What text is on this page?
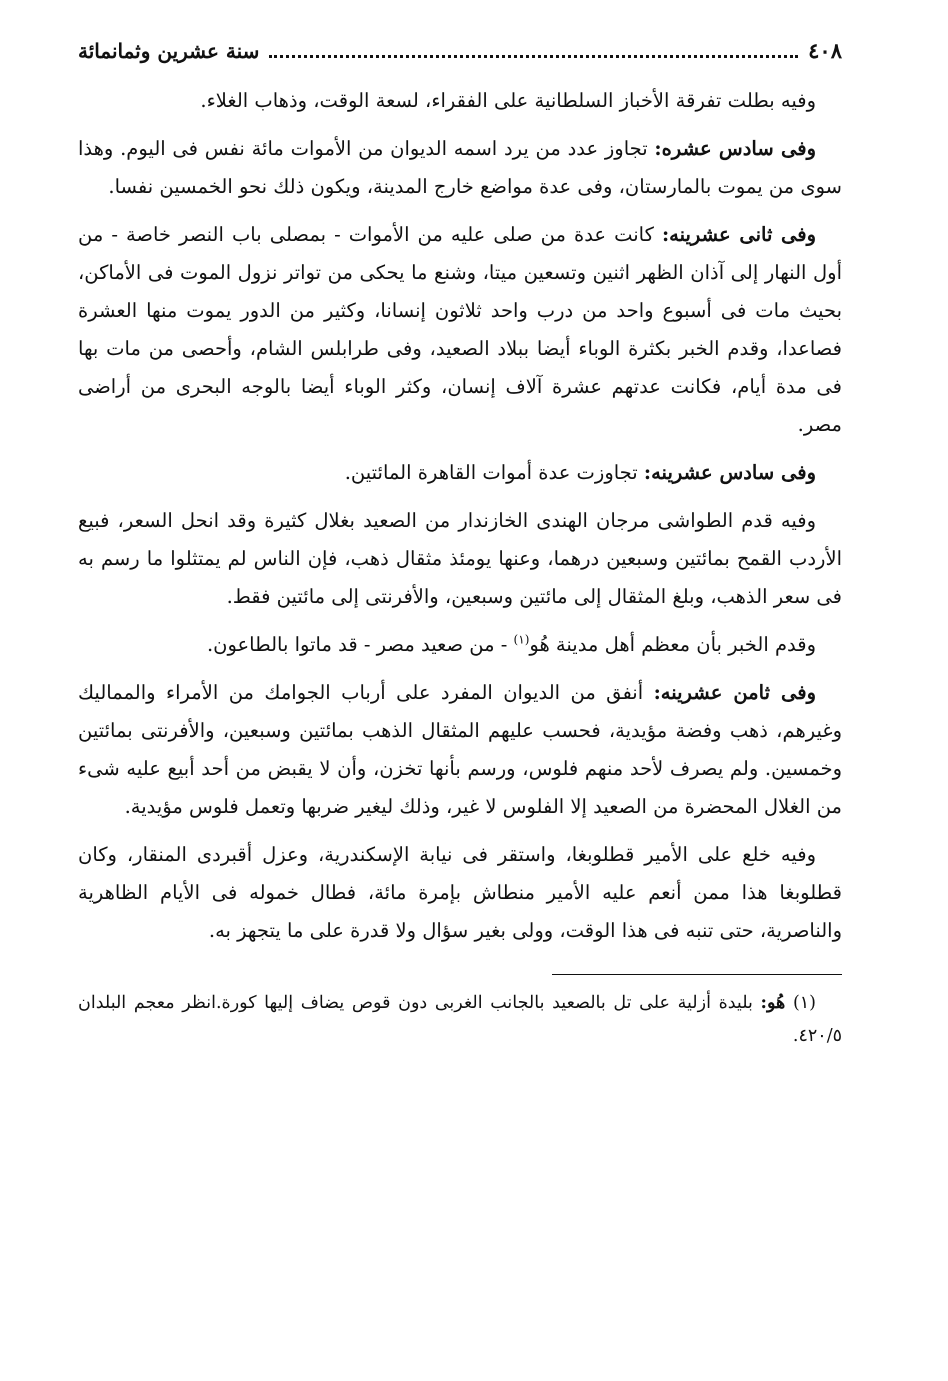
٤٠٨
سنة عشرين وثمانمائة

وفيه بطلت تفرقة الأخباز السلطانية على الفقراء، لسعة الوقت، وذهاب الغلاء.

وفى سادس عشره: تجاوز عدد من يرد اسمه الديوان من الأموات مائة نفس فى اليوم. وهذا سوى من يموت بالمارستان، وفى عدة مواضع خارج المدينة، ويكون ذلك نحو الخمسين نفسا.

وفى ثانى عشرينه: كانت عدة من صلى عليه من الأموات - بمصلى باب النصر خاصة - من أول النهار إلى آذان الظهر اثنين وتسعين ميتا، وشنع ما يحكى من تواتر نزول الموت فى الأماكن، بحيث مات فى أسبوع واحد من درب واحد ثلاثون إنسانا، وكثير من الدور يموت منها العشرة فصاعدا، وقدم الخبر بكثرة الوباء أيضا ببلاد الصعيد، وفى طرابلس الشام، وأحصى من مات بها فى مدة أيام، فكانت عدتهم عشرة آلاف إنسان، وكثر الوباء أيضا بالوجه البحرى من أراضى مصر.

وفى سادس عشرينه: تجاوزت عدة أموات القاهرة المائتين.

وفيه قدم الطواشى مرجان الهندى الخازندار من الصعيد بغلال كثيرة وقد انحل السعر، فبيع الأردب القمح بمائتين وسبعين درهما، وعنها يومئذ مثقال ذهب، فإن الناس لم يمتثلوا ما رسم به فى سعر الذهب، وبلغ المثقال إلى مائتين وسبعين، والأفرنتى إلى مائتين فقط.

وقدم الخبر بأن معظم أهل مدينة هُو$^{(١)}$ - من صعيد مصر - قد ماتوا بالطاعون.

وفى ثامن عشرينه: أنفق من الديوان المفرد على أرباب الجوامك من الأمراء والمماليك وغيرهم، ذهب وفضة مؤيدية، فحسب عليهم المثقال الذهب بمائتين وسبعين، والأفرنتى بمائتين وخمسين. ولم يصرف لأحد منهم فلوس، ورسم بأنها تخزن، وأن لا يقبض من أحد أبيع عليه شىء من الغلال المحضرة من الصعيد إلا الفلوس لا غير، وذلك ليغير ضربها وتعمل فلوس مؤيدية.

وفيه خلع على الأمير قطلوبغا، واستقر فى نيابة الإسكندرية، وعزل أقبردى المنقار، وكان قطلوبغا هذا ممن أنعم عليه الأمير منطاش بإمرة مائة، فطال خموله فى الأيام الظاهرية والناصرية، حتى تنبه فى هذا الوقت، وولى بغير سؤال ولا قدرة على ما يتجهز به.

(١) هُو: بليدة أزلية على تل بالصعيد بالجانب الغربى دون قوص يضاف إليها كورة.انظر معجم البلدان ٤٢٠/٥.
